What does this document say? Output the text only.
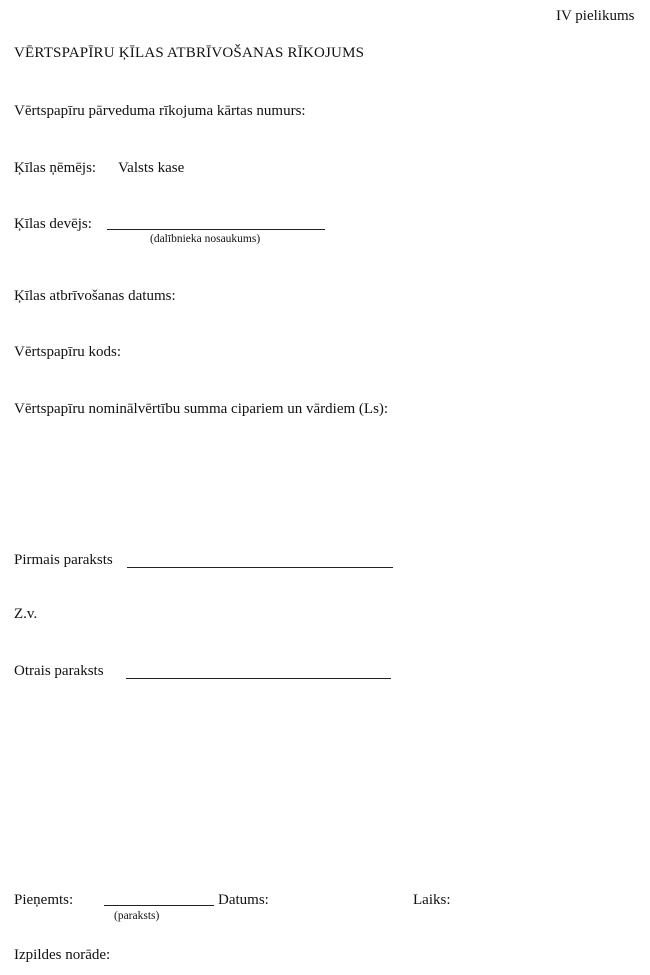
IV pielikums
VĒRTSPAPĪRU ĶĪLAS ATBRĪVOŠANAS RĪKOJUMS
Vērtspapīru pārveduma rīkojuma kārtas numurs:
Ķīlas ņēmējs: Valsts kase
Ķīlas devējs:
(dalībnieka nosaukums)
Ķīlas atbrīvošanas datums:
Vērtspapīru kods:
Vērtspapīru nominālvērtību summa cipariem un vārdiem (Ls):
Pirmais paraksts
Z.v.
Otrais paraksts
Pieņemts:
(paraksts)
Datums:	Laiks:
Izpildes norāde:
